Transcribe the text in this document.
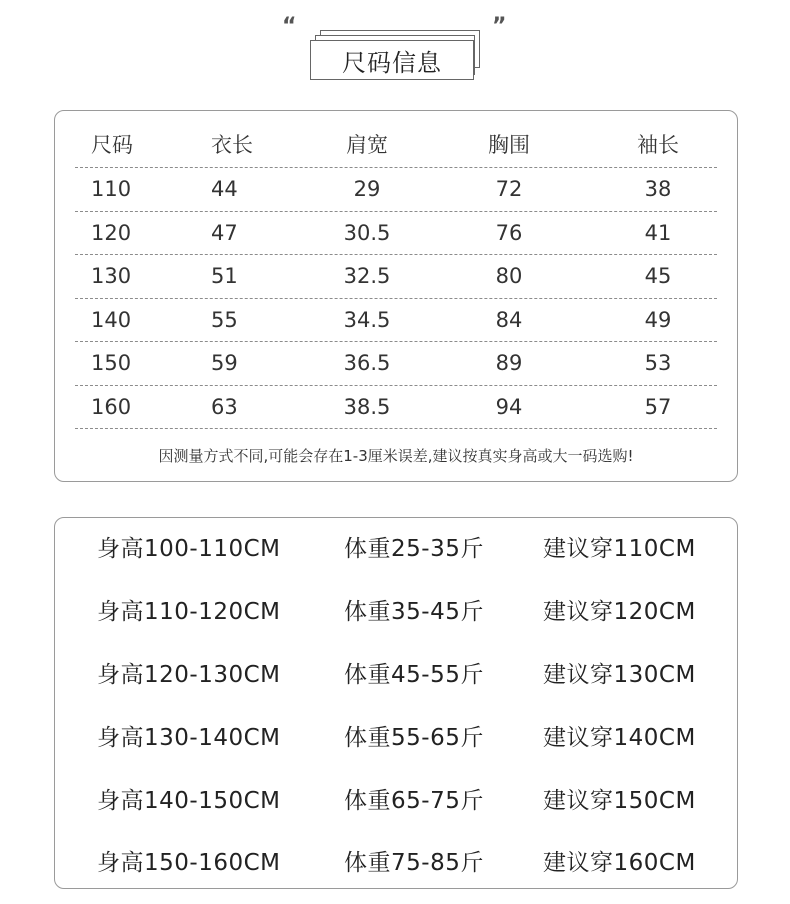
“	”
尺码信息
尺码	衣长	肩宽	胸围	袖长
110	44	29	72	38
120	47	30.5	76	41
130	51	32.5	80	45
140	55	34.5	84	49
150	59	36.5	89	53
160	63	38.5	94	57
因测量方式不同,可能会存在1-3厘米误差,建议按真实身高或大一码选购!
身高100-110CM	体重25-35斤	建议穿110CM
身高110-120CM	体重35-45斤	建议穿120CM
身高120-130CM	体重45-55斤	建议穿130CM
身高130-140CM	体重55-65斤	建议穿140CM
身高140-150CM	体重65-75斤	建议穿150CM
身高150-160CM	体重75-85斤	建议穿160CM
